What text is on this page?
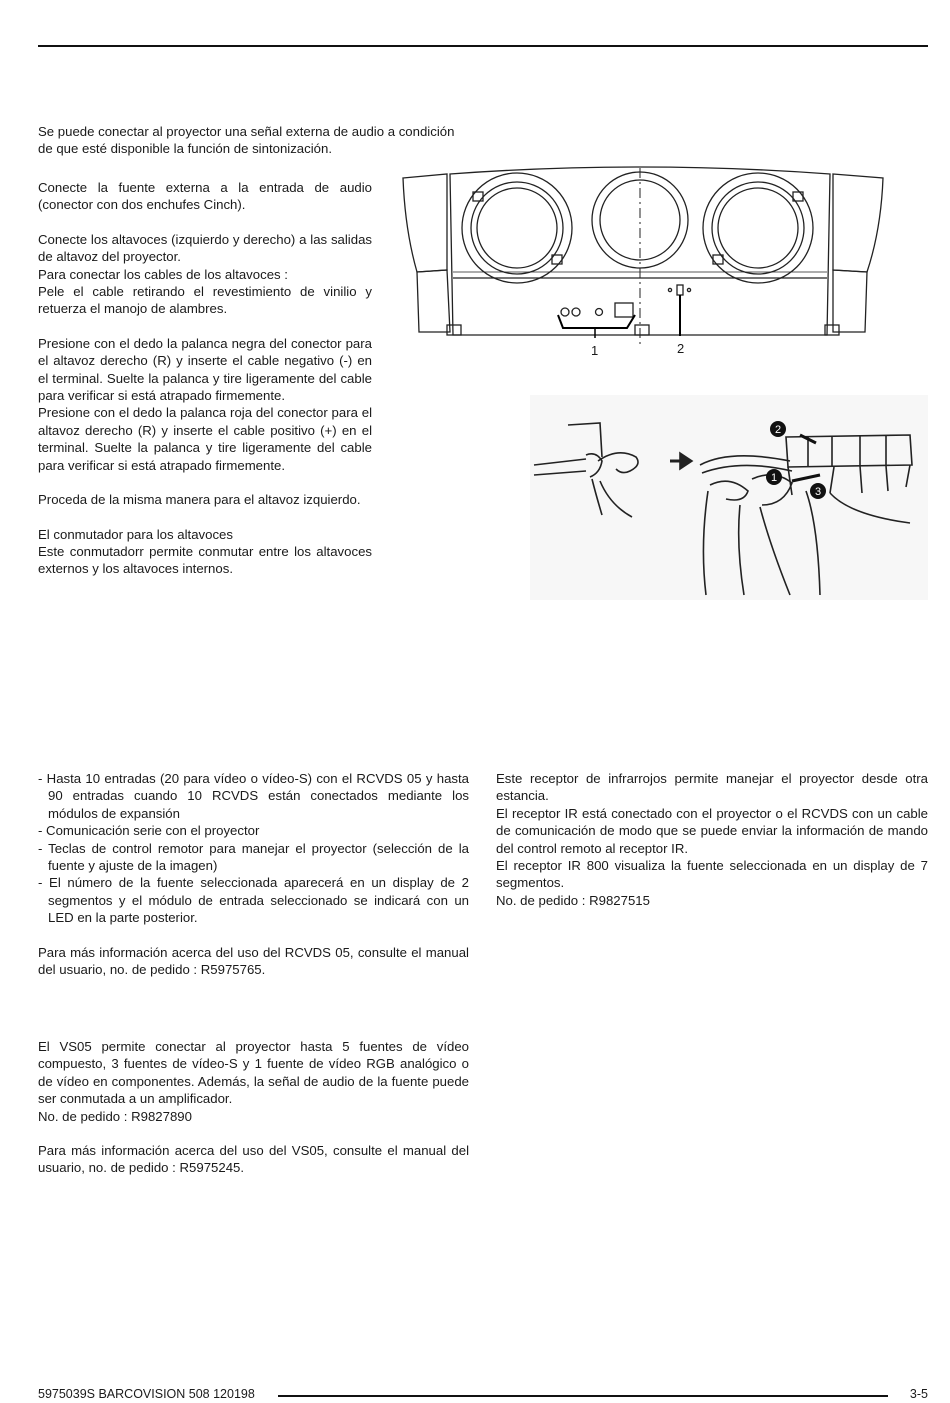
Se puede conectar al proyector una señal externa de audio a condición

de que esté disponible la función de sintonización.

Conecte la fuente externa a la entrada de audio (conector con dos enchufes Cinch).

Conecte los altavoces (izquierdo y derecho) a las salidas de altavoz del proyector.

Para conectar los cables de los altavoces :

Pele el cable retirando el revestimiento de vinilio y retuerza el manojo de alambres.

Presione con el dedo la palanca negra del conector para el altavoz derecho (R) y inserte el cable negativo (-) en el terminal. Suelte la palanca y tire ligeramente del cable para verificar si está atrapado firmemente.

Presione con el dedo la palanca roja del conector para el altavoz derecho (R) y inserte el cable positivo (+) en el terminal. Suelte la palanca y tire ligeramente del cable para verificar si está atrapado firmemente.

Proceda de la misma manera para el altavoz izquierdo.

El conmutador para los altavoces

Este conmutadorr permite conmutar entre los altavoces externos y los altavoces internos.

1	2
2
1
3

- Hasta 10 entradas (20 para vídeo o vídeo-S) con el RCVDS 05 y hasta 90 entradas cuando 10 RCVDS están conectados mediante los módulos de expansión

- Comunicación serie con el proyector

- Teclas de control remotor para manejar el proyector (selección de la fuente y ajuste de la imagen)

- El número de la fuente seleccionada aparecerá en un display de 2 segmentos y el módulo de entrada seleccionado se indicará con un LED en la parte posterior.

Para más información acerca del uso del RCVDS 05, consulte el manual del usuario, no. de pedido : R5975765.

El VS05 permite conectar al proyector hasta 5 fuentes de vídeo compuesto, 3 fuentes de vídeo-S y 1 fuente de vídeo RGB analógico o de vídeo en componentes. Además, la señal de audio de la fuente puede ser conmutada a un amplificador.

No. de pedido : R9827890

Para más información acerca del uso del VS05, consulte el manual del usuario, no. de pedido : R5975245.

Este receptor de infrarrojos permite manejar el proyector desde otra estancia.

El receptor IR está conectado con el proyector o el RCVDS con un cable de comunicación de modo que se puede enviar la información de mando del control remoto al receptor IR.

El receptor IR 800 visualiza la fuente seleccionada en un display de 7 segmentos.

No. de pedido : R9827515

5975039S BARCOVISION 508 120198	3-5
